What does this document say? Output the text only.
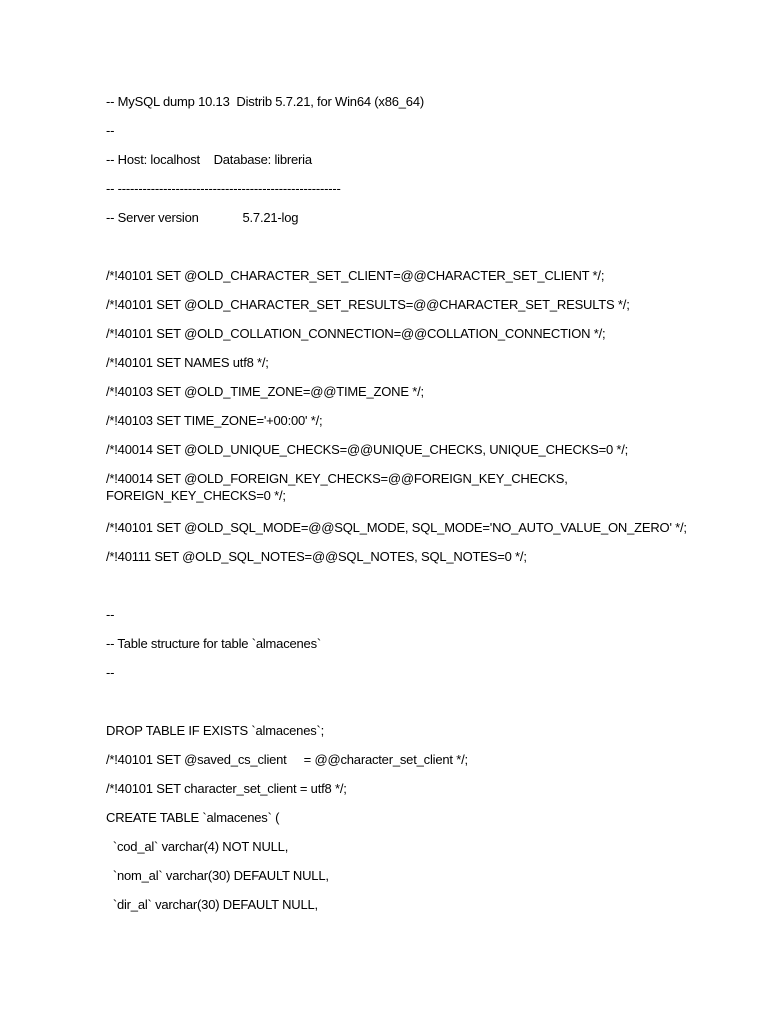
-- MySQL dump 10.13  Distrib 5.7.21, for Win64 (x86_64)
--
-- Host: localhost    Database: libreria
-- ------------------------------------------------------
-- Server version		5.7.21-log
/*!40101 SET @OLD_CHARACTER_SET_CLIENT=@@CHARACTER_SET_CLIENT */;
/*!40101 SET @OLD_CHARACTER_SET_RESULTS=@@CHARACTER_SET_RESULTS */;
/*!40101 SET @OLD_COLLATION_CONNECTION=@@COLLATION_CONNECTION */;
/*!40101 SET NAMES utf8 */;
/*!40103 SET @OLD_TIME_ZONE=@@TIME_ZONE */;
/*!40103 SET TIME_ZONE='+00:00' */;
/*!40014 SET @OLD_UNIQUE_CHECKS=@@UNIQUE_CHECKS, UNIQUE_CHECKS=0 */;
/*!40014 SET @OLD_FOREIGN_KEY_CHECKS=@@FOREIGN_KEY_CHECKS, FOREIGN_KEY_CHECKS=0 */;
/*!40101 SET @OLD_SQL_MODE=@@SQL_MODE, SQL_MODE='NO_AUTO_VALUE_ON_ZERO' */;
/*!40111 SET @OLD_SQL_NOTES=@@SQL_NOTES, SQL_NOTES=0 */;
--
-- Table structure for table `almacenes`
--
DROP TABLE IF EXISTS `almacenes`;
/*!40101 SET @saved_cs_client     = @@character_set_client */;
/*!40101 SET character_set_client = utf8 */;
CREATE TABLE `almacenes` (
`cod_al` varchar(4) NOT NULL,
`nom_al` varchar(30) DEFAULT NULL,
`dir_al` varchar(30) DEFAULT NULL,
